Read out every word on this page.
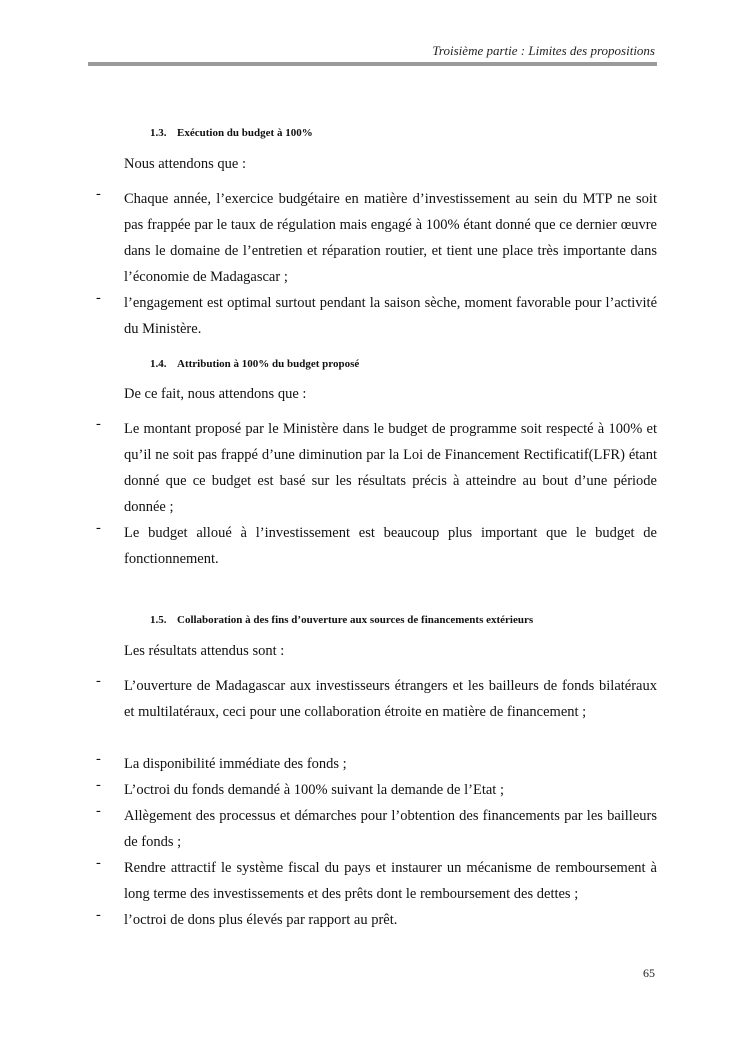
Troisième partie : Limites des propositions
1.3. Exécution du budget à 100%
Nous attendons que :
- Chaque année, l’exercice budgétaire en matière d’investissement au sein du MTP ne soit pas frappée par le taux de régulation mais engagé à 100% étant donné que ce dernier œuvre dans le domaine de l’entretien et réparation routier, et tient une place très importante dans l’économie de Madagascar ;
- l’engagement est optimal surtout pendant la saison sèche, moment favorable pour l’activité du Ministère.
1.4. Attribution à 100% du budget proposé
De ce fait, nous attendons que :
- Le montant proposé par le Ministère dans le budget de programme soit respecté à 100% et qu’il ne soit pas frappé d’une diminution par la Loi de Financement Rectificatif(LFR) étant donné que ce budget est basé sur les résultats précis à atteindre au bout d’une période donnée ;
- Le budget alloué à l’investissement est beaucoup plus important que le budget de fonctionnement.
1.5. Collaboration à des fins d’ouverture aux sources de financements extérieurs
Les résultats attendus sont :
- L’ouverture de Madagascar aux investisseurs étrangers et les bailleurs de fonds bilatéraux et multilatéraux, ceci pour une collaboration étroite en matière de financement ;
- La disponibilité immédiate des fonds ;
- L’octroi du fonds demandé à 100% suivant la demande de l’Etat ;
- Allègement des processus et démarches pour l’obtention des financements par les bailleurs de fonds ;
- Rendre attractif le système fiscal du pays et instaurer un mécanisme de remboursement à long terme des investissements et des prêts dont le remboursement des dettes ;
- l’octroi de dons plus élevés par rapport au prêt.
65
